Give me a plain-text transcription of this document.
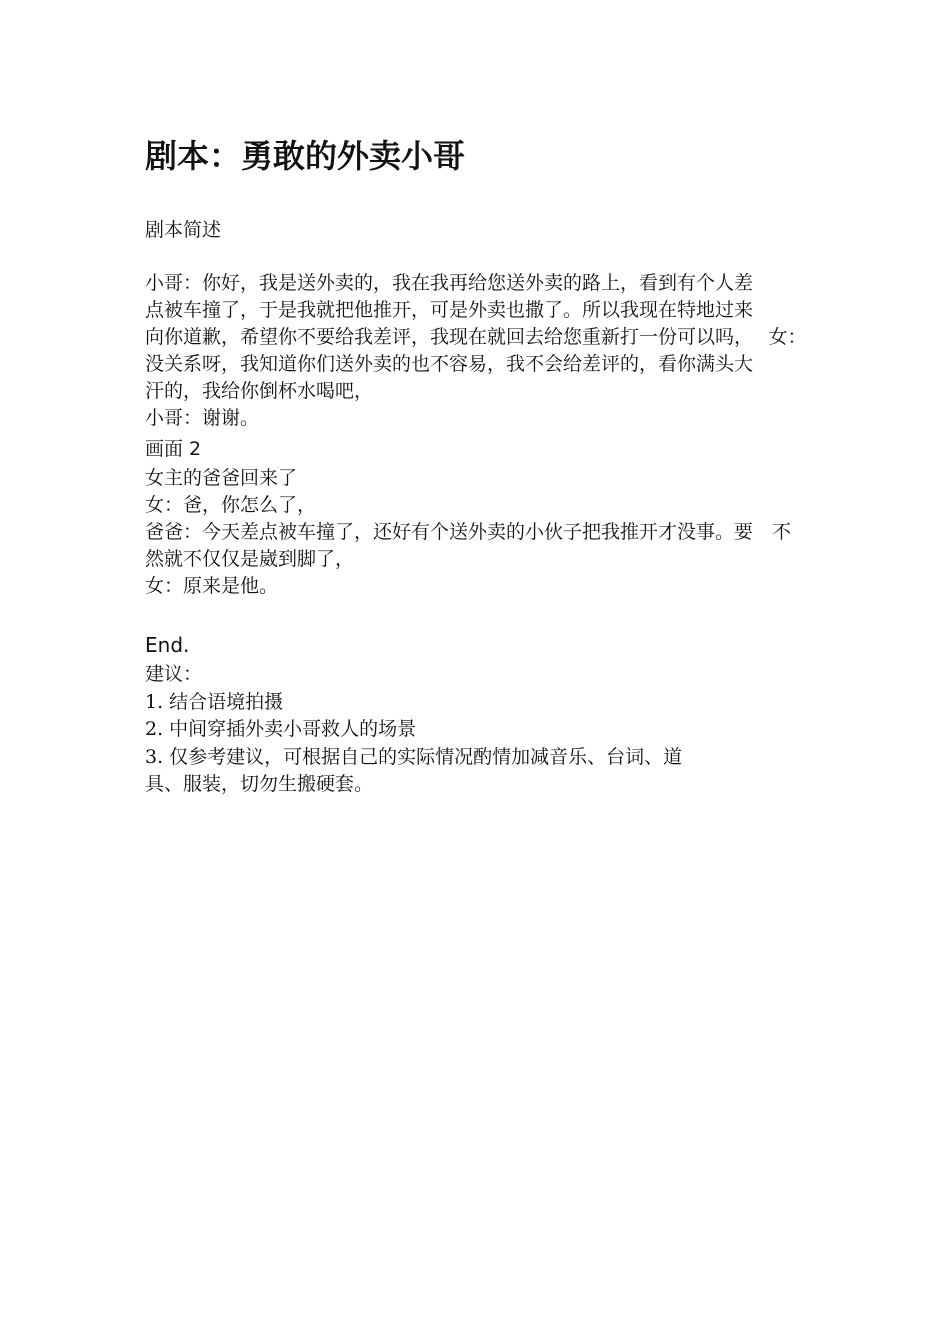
剧本：勇敢的外卖小哥
剧本简述
小哥：你好，我是送外卖的，我在我再给您送外卖的路上，看到有个人差
点被车撞了，于是我就把他推开，可是外卖也撒了。所以我现在特地过来
向你道歉，希望你不要给我差评，我现在就回去给您重新打一份可以吗，　 女：
没关系呀，我知道你们送外卖的也不容易，我不会给差评的，看你满头大
汗的，我给你倒杯水喝吧，
小哥：谢谢。
画面 2
女主的爸爸回来了
女：爸，你怎么了，
爸爸：今天差点被车撞了，还好有个送外卖的小伙子把我推开才没事。要　不
然就不仅仅是崴到脚了，
女：原来是他。
End.
建议：
1. 结合语境拍摄
2. 中间穿插外卖小哥救人的场景
3. 仅参考建议，可根据自己的实际情况酌情加减音乐、台词、道
具、服装，切勿生搬硬套。
